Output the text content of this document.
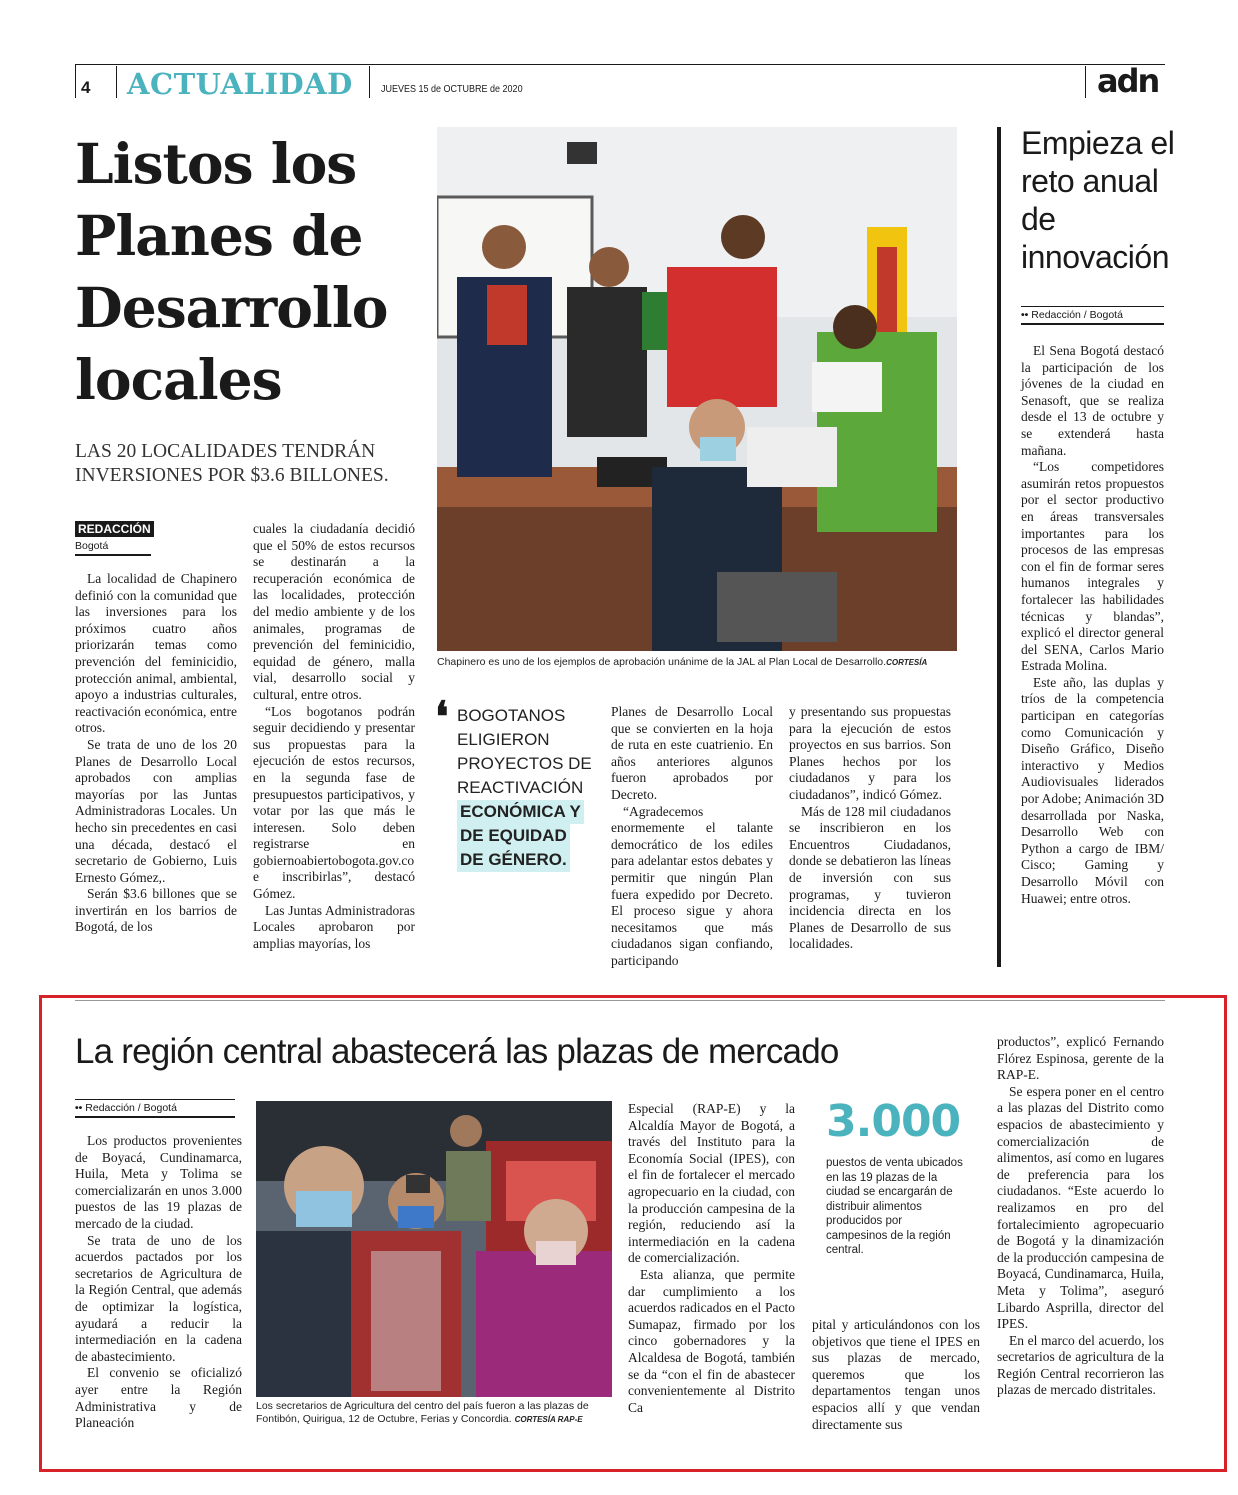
4 ACTUALIDAD	JUEVES 15 de OCTUBRE de 2020	adn
Listos los Planes de Desarrollo locales
LAS 20 LOCALIDADES TENDRÁN INVERSIONES POR $3.6 BILLONES.
Chapinero es uno de los ejemplos de aprobación unánime de la JAL al Plan Local de Desarrollo.CORTESÍA
REDACCIÓN
Bogotá

La localidad de Chapinero definió con la comunidad que las inversiones para los próximos cuatro años priorizarán temas como prevención del feminicidio, protección animal, ambiental, apoyo a industrias culturales, reactivación económica, entre otros.

Se trata de uno de los 20 Planes de Desarrollo Local aprobados con amplias mayorías por las Juntas Administradoras Locales. Un hecho sin precedentes en casi una década, destacó el secretario de Gobierno, Luis Ernesto Gómez,.

Serán $3.6 billones que se invertirán en los barrios de Bogotá, de los

cuales la ciudadanía decidió que el 50% de estos recursos se destinarán a la recuperación económica de las localidades, protección del medio ambiente y de los animales, programas de prevención del feminicidio, equidad de género, malla vial, desarrollo social y cultural, entre otros.

“Los bogotanos podrán seguir decidiendo y presentar sus propuestas para la ejecución de estos recursos, en la segunda fase de presupuestos participativos, y votar por las que más le interesen. Solo deben registrarse en gobiernoabiertobogota.gov.co e inscribirlas”, destacó Gómez.

Las Juntas Administradoras Locales aprobaron por amplias mayorías, los

❛ BOGOTANOS
ELIGIERON
PROYECTOS DE
REACTIVACIÓN
ECONÓMICA Y
DE EQUIDAD
DE GÉNERO.

Planes de Desarrollo Local que se convierten en la hoja de ruta en este cuatrienio. En años anteriores algunos fueron aprobados por Decreto.

“Agradecemos enormemente el talante democrático de los ediles para adelantar estos debates y permitir que ningún Plan fuera expedido por Decreto. El proceso sigue y ahora necesitamos que más ciudadanos sigan confiando, participando

y presentando sus propuestas para la ejecución de estos proyectos en sus barrios. Son Planes hechos por los ciudadanos y para los ciudadanos”, indicó Gómez.

Más de 128 mil ciudadanos se inscribieron en los Encuentros Ciudadanos, donde se debatieron las líneas de inversión con sus programas, y tuvieron incidencia directa en los Planes de Desarrollo de sus localidades.

Empieza el reto anual de innovación
•• Redacción / Bogotá

El Sena Bogotá destacó la participación de los jóvenes de la ciudad en Senasoft, que se realiza desde el 13 de octubre y se extenderá hasta mañana.

“Los competidores asumirán retos propuestos por el sector productivo en áreas transversales importantes para los procesos de las empresas con el fin de formar seres humanos integrales y fortalecer las habilidades técnicas y blandas”, explicó el director general del SENA, Carlos Mario Estrada Molina.

Este año, las duplas y tríos de la competencia participan en categorías como Comunicación y Diseño Gráfico, Diseño interactivo y Medios Audiovisuales liderados por Adobe; Animación 3D desarrollada por Naska, Desarrollo Web con Python a cargo de IBM/ Cisco; Gaming y Desarrollo Móvil con Huawei; entre otros.

La región central abastecerá las plazas de mercado
•• Redacción / Bogotá

Los productos provenientes de Boyacá, Cundinamarca, Huila, Meta y Tolima se comercializarán en unos 3.000 puestos de las 19 plazas de mercado de la ciudad.

Se trata de uno de los acuerdos pactados por los secretarios de Agricultura de la Región Central, que además de optimizar la logística, ayudará a reducir la intermediación en la cadena de abastecimiento.

El convenio se oficializó ayer entre la Región Administrativa y de Planeación

Los secretarios de Agricultura del centro del país fueron a las plazas de Fontibón, Quirigua, 12 de Octubre, Ferias y Concordia. CORTESÍA RAP-E

Especial (RAP-E) y la Alcaldía Mayor de Bogotá, a través del Instituto para la Economía Social (IPES), con el fin de fortalecer el mercado agropecuario en la ciudad, con la producción campesina de la región, reduciendo así la intermediación en la cadena de comercialización.

Esta alianza, que permite dar cumplimiento a los acuerdos radicados en el Pacto Sumapaz, firmado por los cinco gobernadores y la Alcaldesa de Bogotá, también se da “con el fin de abastecer convenientemente al Distrito Ca

3.000
puestos de venta ubicados en las 19 plazas de la ciudad se encargarán de distribuir alimentos producidos por campesinos de la región central.

pital y articulándonos con los objetivos que tiene el IPES en sus plazas de mercado, queremos que los departamentos tengan unos espacios allí y que vendan directamente sus

productos”, explicó Fernando Flórez Espinosa, gerente de la RAP-E.

Se espera poner en el centro a las plazas del Distrito como espacios de abastecimiento y comercialización de alimentos, así como en lugares de preferencia para los ciudadanos. “Este acuerdo lo realizamos en pro del fortalecimiento agropecuario de Bogotá y la dinamización de la producción campesina de Boyacá, Cundinamarca, Huila, Meta y Tolima”, aseguró Libardo Asprilla, director del IPES.

En el marco del acuerdo, los secretarios de agricultura de la Región Central recorrieron las plazas de mercado distritales.
